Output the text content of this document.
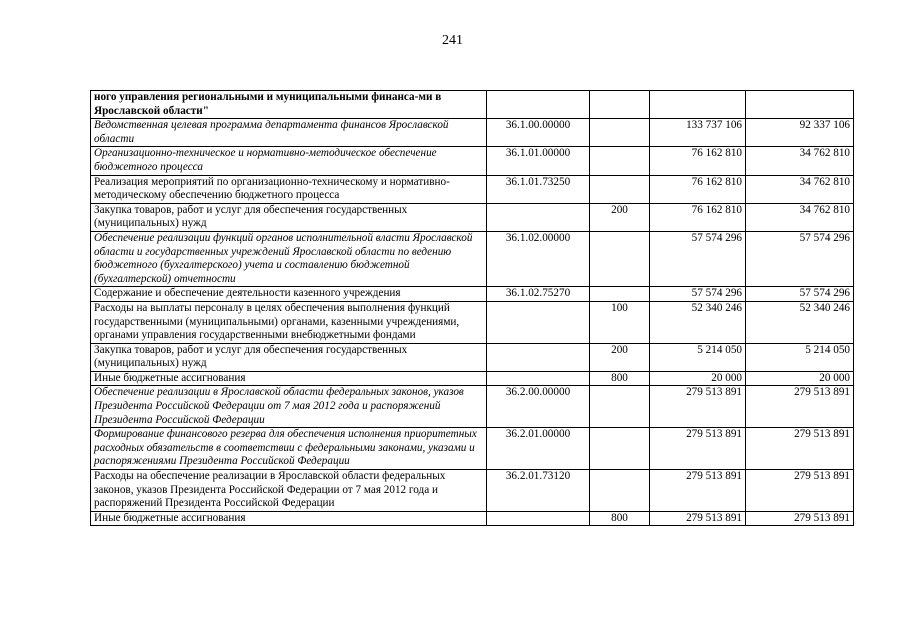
241
ного управления региональными и муниципальными финанса-ми в Ярославской области"				
Ведомственная целевая программа департамента финансов Ярославской области	36.1.00.00000		133 737 106	92 337 106
Организационно-техническое и нормативно-методическое обеспечение бюджетного процесса	36.1.01.00000		76 162 810	34 762 810
Реализация мероприятий по организационно-техническому и нормативно-методическому обеспечению бюджетного процесса	36.1.01.73250		76 162 810	34 762 810
Закупка товаров, работ и услуг для обеспечения государственных (муниципальных) нужд		200	76 162 810	34 762 810
Обеспечение реализации функций органов исполнительной власти Ярославской области и государственных учреждений Ярославской области по ведению бюджетного (бухгалтерского) учета и составлению бюджетной (бухгалтерской) отчетности	36.1.02.00000		57 574 296	57 574 296
Содержание и обеспечение деятельности казенного учреждения	36.1.02.75270		57 574 296	57 574 296
Расходы на выплаты персоналу в целях обеспечения выполнения функций государственными (муниципальными) органами, казенными учреждениями, органами управления государственными внебюджетными фондами		100	52 340 246	52 340 246
Закупка товаров, работ и услуг для обеспечения государственных (муниципальных) нужд		200	5 214 050	5 214 050
Иные бюджетные ассигнования		800	20 000	20 000
Обеспечение реализации в Ярославской области федеральных законов, указов Президента Российской Федерации от 7 мая 2012 года и распоряжений Президента Российской Федерации	36.2.00.00000		279 513 891	279 513 891
Формирование финансового резерва для обеспечения исполнения приоритетных расходных обязательств в соответствии с федеральными законами, указами и распоряжениями Президента Российской Федерации	36.2.01.00000		279 513 891	279 513 891
Расходы на обеспечение реализации в Ярославской области федеральных законов, указов Президента Российской Федерации от 7 мая 2012 года и распоряжений Президента Российской Федерации	36.2.01.73120		279 513 891	279 513 891
Иные бюджетные ассигнования		800	279 513 891	279 513 891
